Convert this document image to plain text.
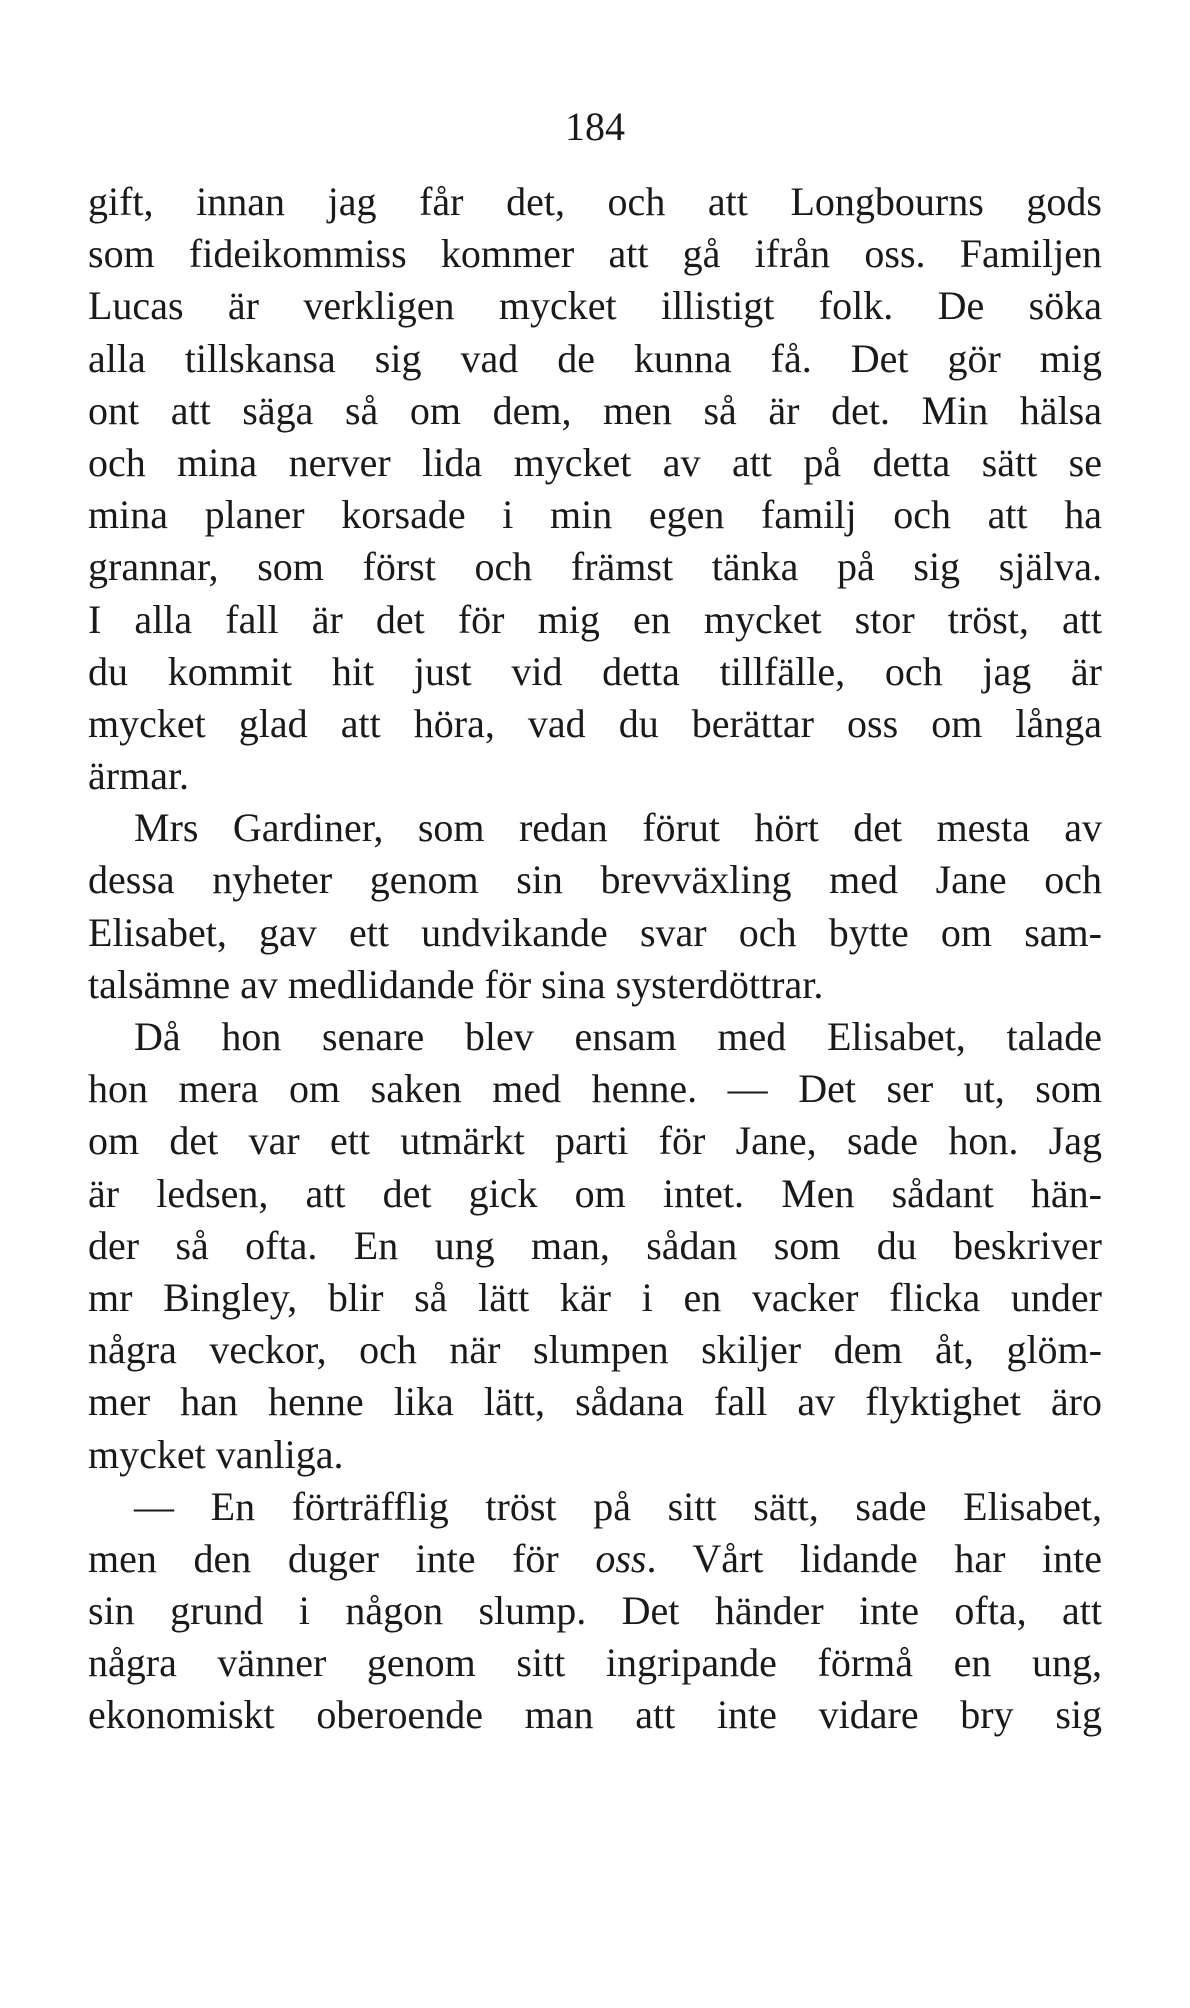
184
gift, innan jag får det, och att Longbourns gods
som fideikommiss kommer att gå ifrån oss. Familjen
Lucas är verkligen mycket illistigt folk. De söka
alla tillskansa sig vad de kunna få. Det gör mig
ont att säga så om dem, men så är det. Min hälsa
och mina nerver lida mycket av att på detta sätt se
mina planer korsade i min egen familj och att ha
grannar, som först och främst tänka på sig själva.
I alla fall är det för mig en mycket stor tröst, att
du kommit hit just vid detta tillfälle, och jag är
mycket glad att höra, vad du berättar oss om långa
ärmar.
Mrs Gardiner, som redan förut hört det mesta av
dessa nyheter genom sin brevväxling med Jane och
Elisabet, gav ett undvikande svar och bytte om sam-
talsämne av medlidande för sina systerdöttrar.
Då hon senare blev ensam med Elisabet, talade
hon mera om saken med henne. — Det ser ut, som
om det var ett utmärkt parti för Jane, sade hon. Jag
är ledsen, att det gick om intet. Men sådant hän-
der så ofta. En ung man, sådan som du beskriver
mr Bingley, blir så lätt kär i en vacker flicka under
några veckor, och när slumpen skiljer dem åt, glöm-
mer han henne lika lätt, sådana fall av flyktighet äro
mycket vanliga.
— En förträfflig tröst på sitt sätt, sade Elisabet,
men den duger inte för oss. Vårt lidande har inte
sin grund i någon slump. Det händer inte ofta, att
några vänner genom sitt ingripande förmå en ung,
ekonomiskt oberoende man att inte vidare bry sig
